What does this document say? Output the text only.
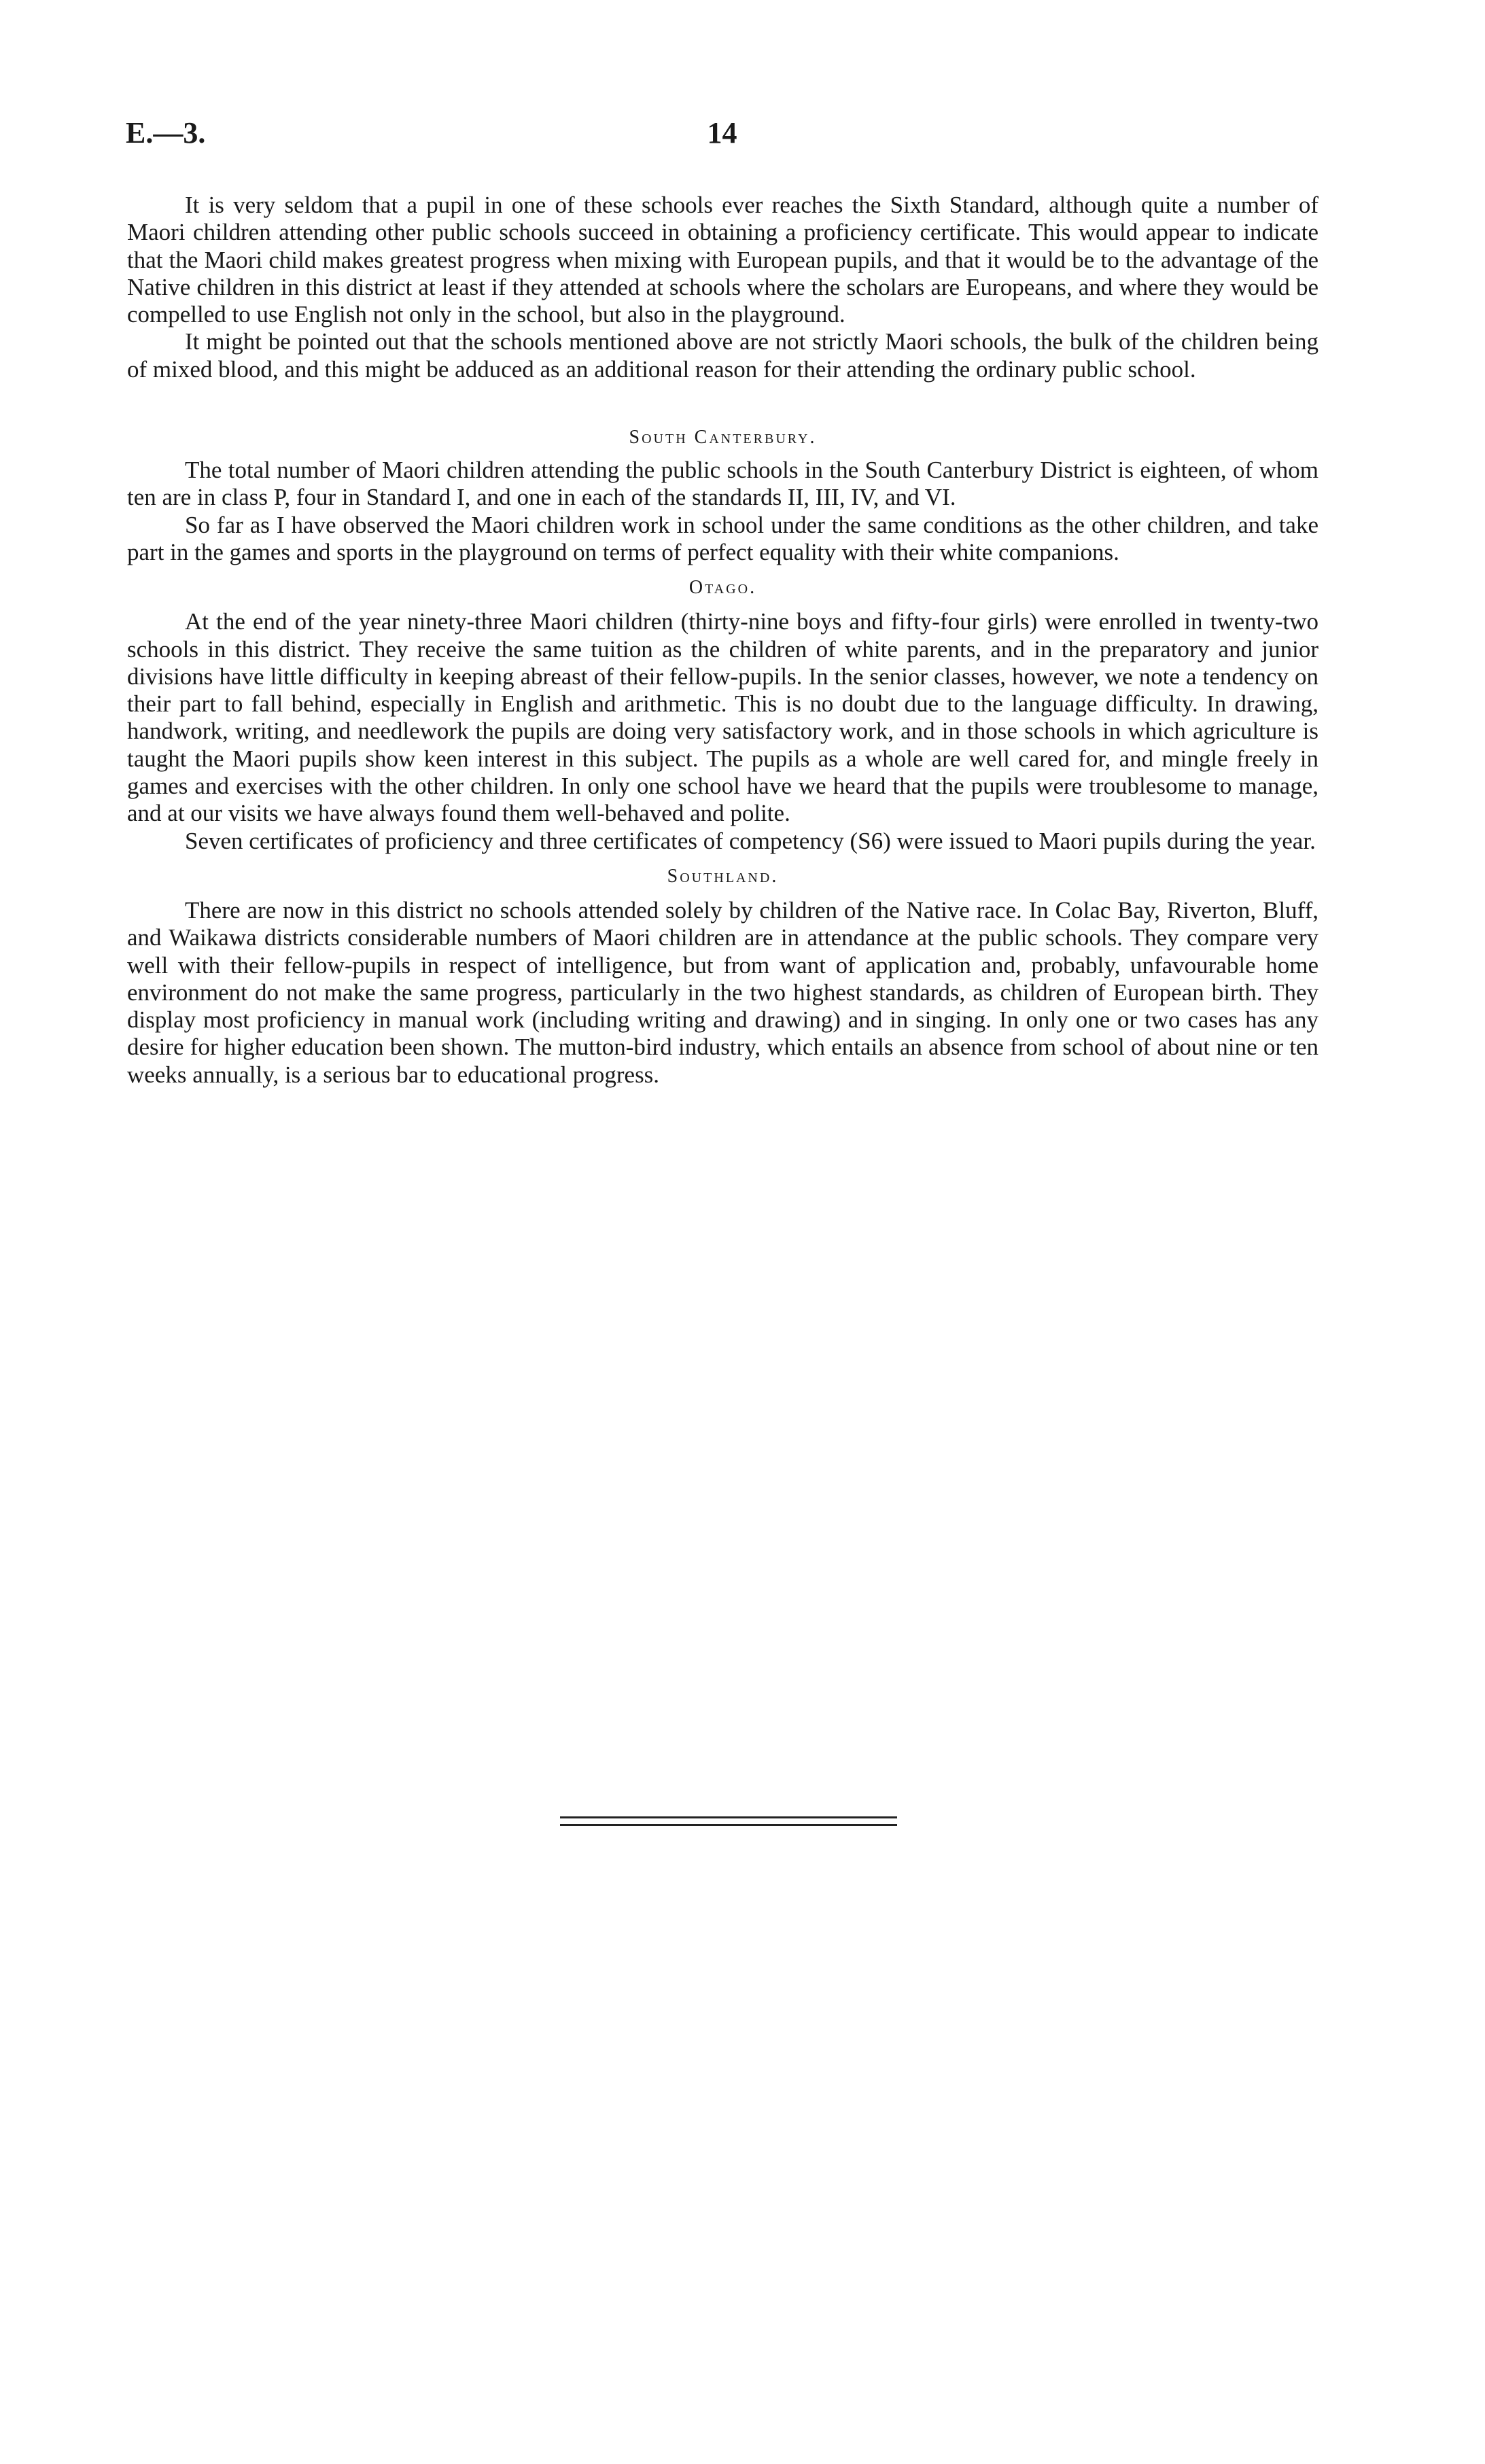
E.—3.	14

It is very seldom that a pupil in one of these schools ever reaches the Sixth Standard, although quite a number of Maori children attending other public schools succeed in obtaining a proficiency certificate. This would appear to indicate that the Maori child makes greatest progress when mixing with European pupils, and that it would be to the advantage of the Native children in this district at least if they attended at schools where the scholars are Europeans, and where they would be compelled to use English not only in the school, but also in the playground.

It might be pointed out that the schools mentioned above are not strictly Maori schools, the bulk of the children being of mixed blood, and this might be adduced as an additional reason for their attending the ordinary public school.

South Canterbury.

The total number of Maori children attending the public schools in the South Canterbury District is eighteen, of whom ten are in class P, four in Standard I, and one in each of the standards II, III, IV, and VI.

So far as I have observed the Maori children work in school under the same conditions as the other children, and take part in the games and sports in the playground on terms of perfect equality with their white companions.

Otago.

At the end of the year ninety-three Maori children (thirty-nine boys and fifty-four girls) were enrolled in twenty-two schools in this district. They receive the same tuition as the children of white parents, and in the preparatory and junior divisions have little difficulty in keeping abreast of their fellow-pupils. In the senior classes, however, we note a tendency on their part to fall behind, especially in English and arithmetic. This is no doubt due to the language difficulty. In drawing, handwork, writing, and needlework the pupils are doing very satisfactory work, and in those schools in which agriculture is taught the Maori pupils show keen interest in this subject. The pupils as a whole are well cared for, and mingle freely in games and exercises with the other children. In only one school have we heard that the pupils were troublesome to manage, and at our visits we have always found them well-behaved and polite.

Seven certificates of proficiency and three certificates of competency (S6) were issued to Maori pupils during the year.

Southland.

There are now in this district no schools attended solely by children of the Native race. In Colac Bay, Riverton, Bluff, and Waikawa districts considerable numbers of Maori children are in attendance at the public schools. They compare very well with their fellow-pupils in respect of intelligence, but from want of application and, probably, unfavourable home environment do not make the same progress, particularly in the two highest standards, as children of European birth. They display most proficiency in manual work (including writing and drawing) and in singing. In only one or two cases has any desire for higher education been shown. The mutton-bird industry, which entails an absence from school of about nine or ten weeks annually, is a serious bar to educational progress.
